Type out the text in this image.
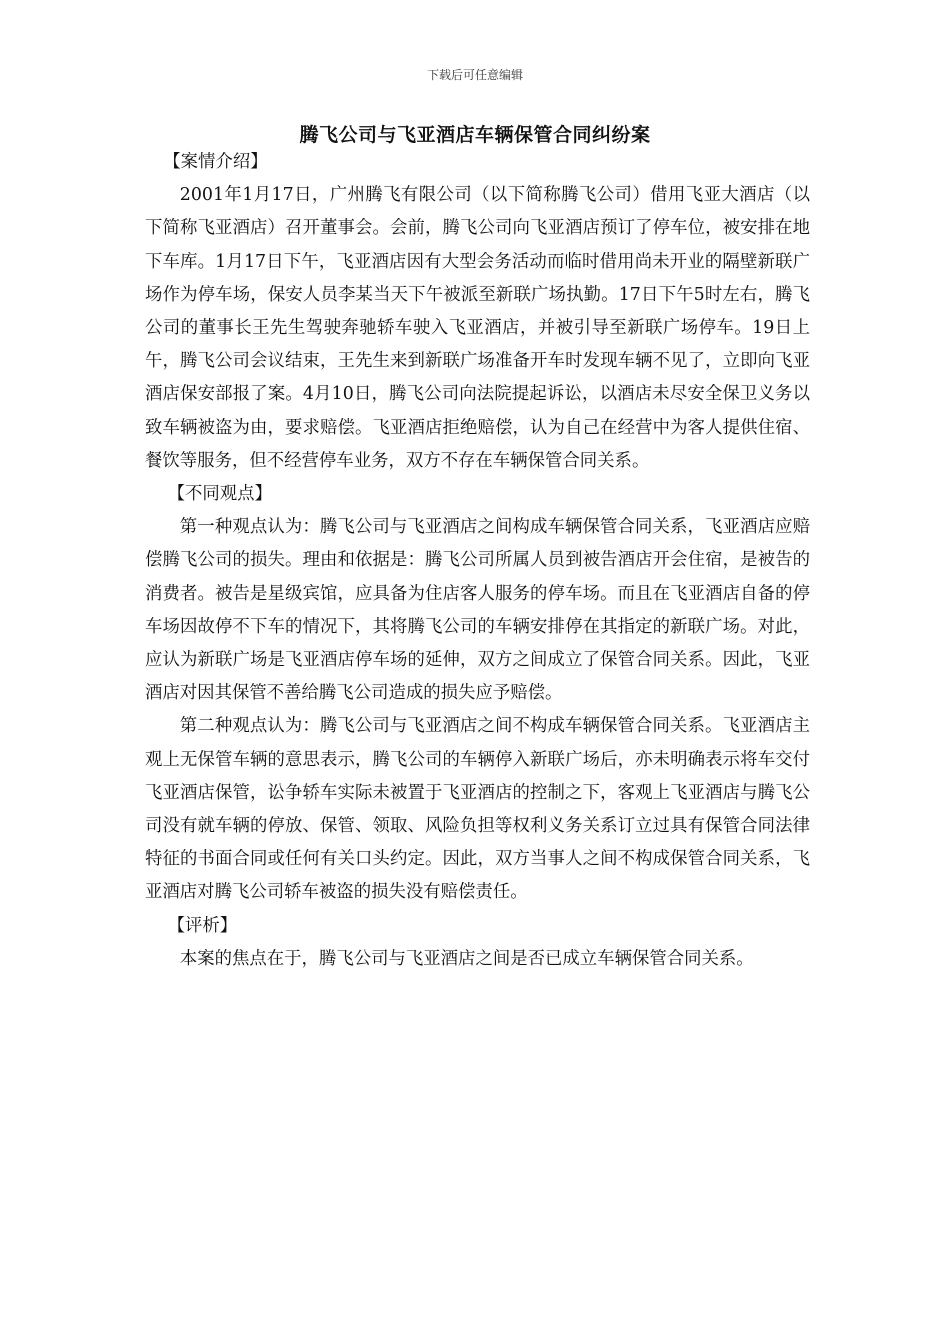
下载后可任意编辑
腾飞公司与飞亚酒店车辆保管合同纠纷案

【案情介绍】

2001年1月17日，广州腾飞有限公司（以下简称腾飞公司）借用飞亚大酒店（以下简称飞亚酒店）召开董事会。会前，腾飞公司向飞亚酒店预订了停车位，被安排在地下车库。1月17日下午，飞亚酒店因有大型会务活动而临时借用尚未开业的隔壁新联广场作为停车场，保安人员李某当天下午被派至新联广场执勤。17日下午5时左右，腾飞公司的董事长王先生驾驶奔驰轿车驶入飞亚酒店，并被引导至新联广场停车。19日上午，腾飞公司会议结束，王先生来到新联广场准备开车时发现车辆不见了，立即向飞亚酒店保安部报了案。4月10日，腾飞公司向法院提起诉讼，以酒店未尽安全保卫义务以致车辆被盗为由，要求赔偿。飞亚酒店拒绝赔偿，认为自己在经营中为客人提供住宿、餐饮等服务，但不经营停车业务，双方不存在车辆保管合同关系。

【不同观点】

第一种观点认为：腾飞公司与飞亚酒店之间构成车辆保管合同关系，飞亚酒店应赔偿腾飞公司的损失。理由和依据是：腾飞公司所属人员到被告酒店开会住宿，是被告的消费者。被告是星级宾馆，应具备为住店客人服务的停车场。而且在飞亚酒店自备的停车场因故停不下车的情况下，其将腾飞公司的车辆安排停在其指定的新联广场。对此，应认为新联广场是飞亚酒店停车场的延伸，双方之间成立了保管合同关系。因此，飞亚酒店对因其保管不善给腾飞公司造成的损失应予赔偿。

第二种观点认为：腾飞公司与飞亚酒店之间不构成车辆保管合同关系。飞亚酒店主观上无保管车辆的意思表示，腾飞公司的车辆停入新联广场后，亦未明确表示将车交付飞亚酒店保管，讼争轿车实际未被置于飞亚酒店的控制之下，客观上飞亚酒店与腾飞公司没有就车辆的停放、保管、领取、风险负担等权利义务关系订立过具有保管合同法律特征的书面合同或任何有关口头约定。因此，双方当事人之间不构成保管合同关系，飞亚酒店对腾飞公司轿车被盗的损失没有赔偿责任。

【评析】

本案的焦点在于，腾飞公司与飞亚酒店之间是否已成立车辆保管合同关系。
